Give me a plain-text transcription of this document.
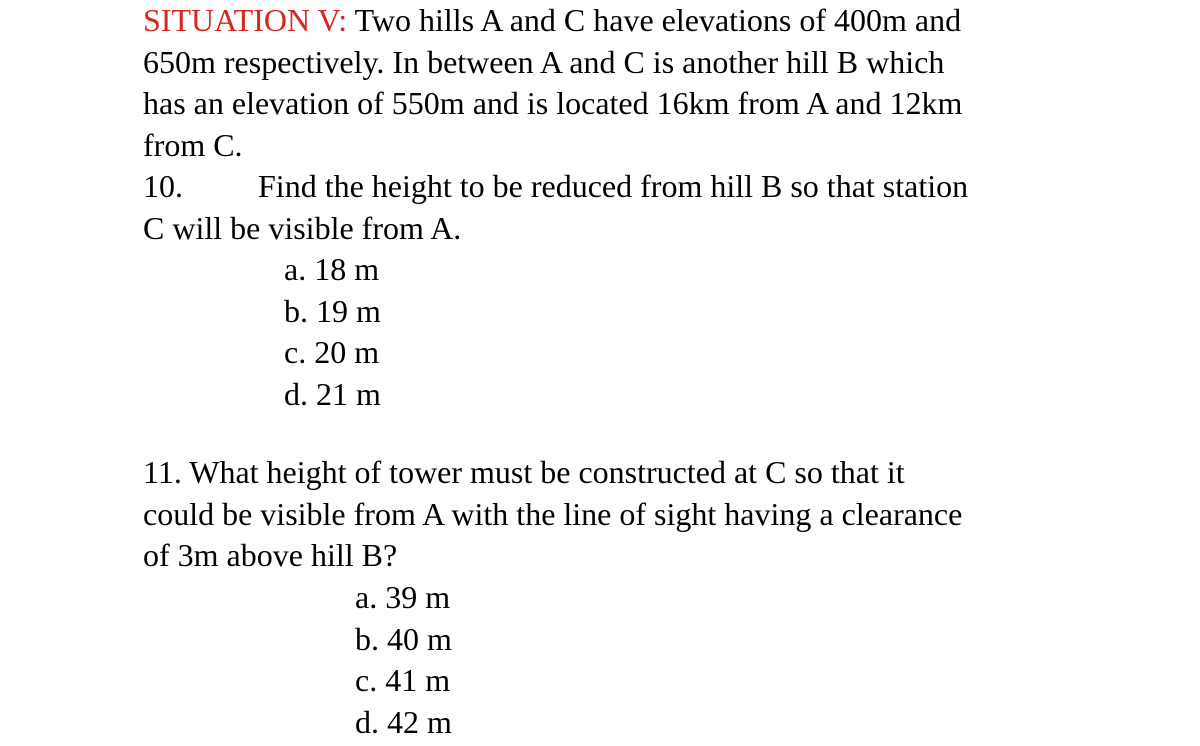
SITUATION V: Two hills A and C have elevations of 400m and
650m respectively. In between A and C is another hill B which
has an elevation of 550m and is located 16km from A and 12km
from C.
10. Find the height to be reduced from hill B so that station
C will be visible from A.
a. 18 m
b. 19 m
c. 20 m
d. 21 m
11. What height of tower must be constructed at C so that it
could be visible from A with the line of sight having a clearance
of 3m above hill B?
a. 39 m
b. 40 m
c. 41 m
d. 42 m
